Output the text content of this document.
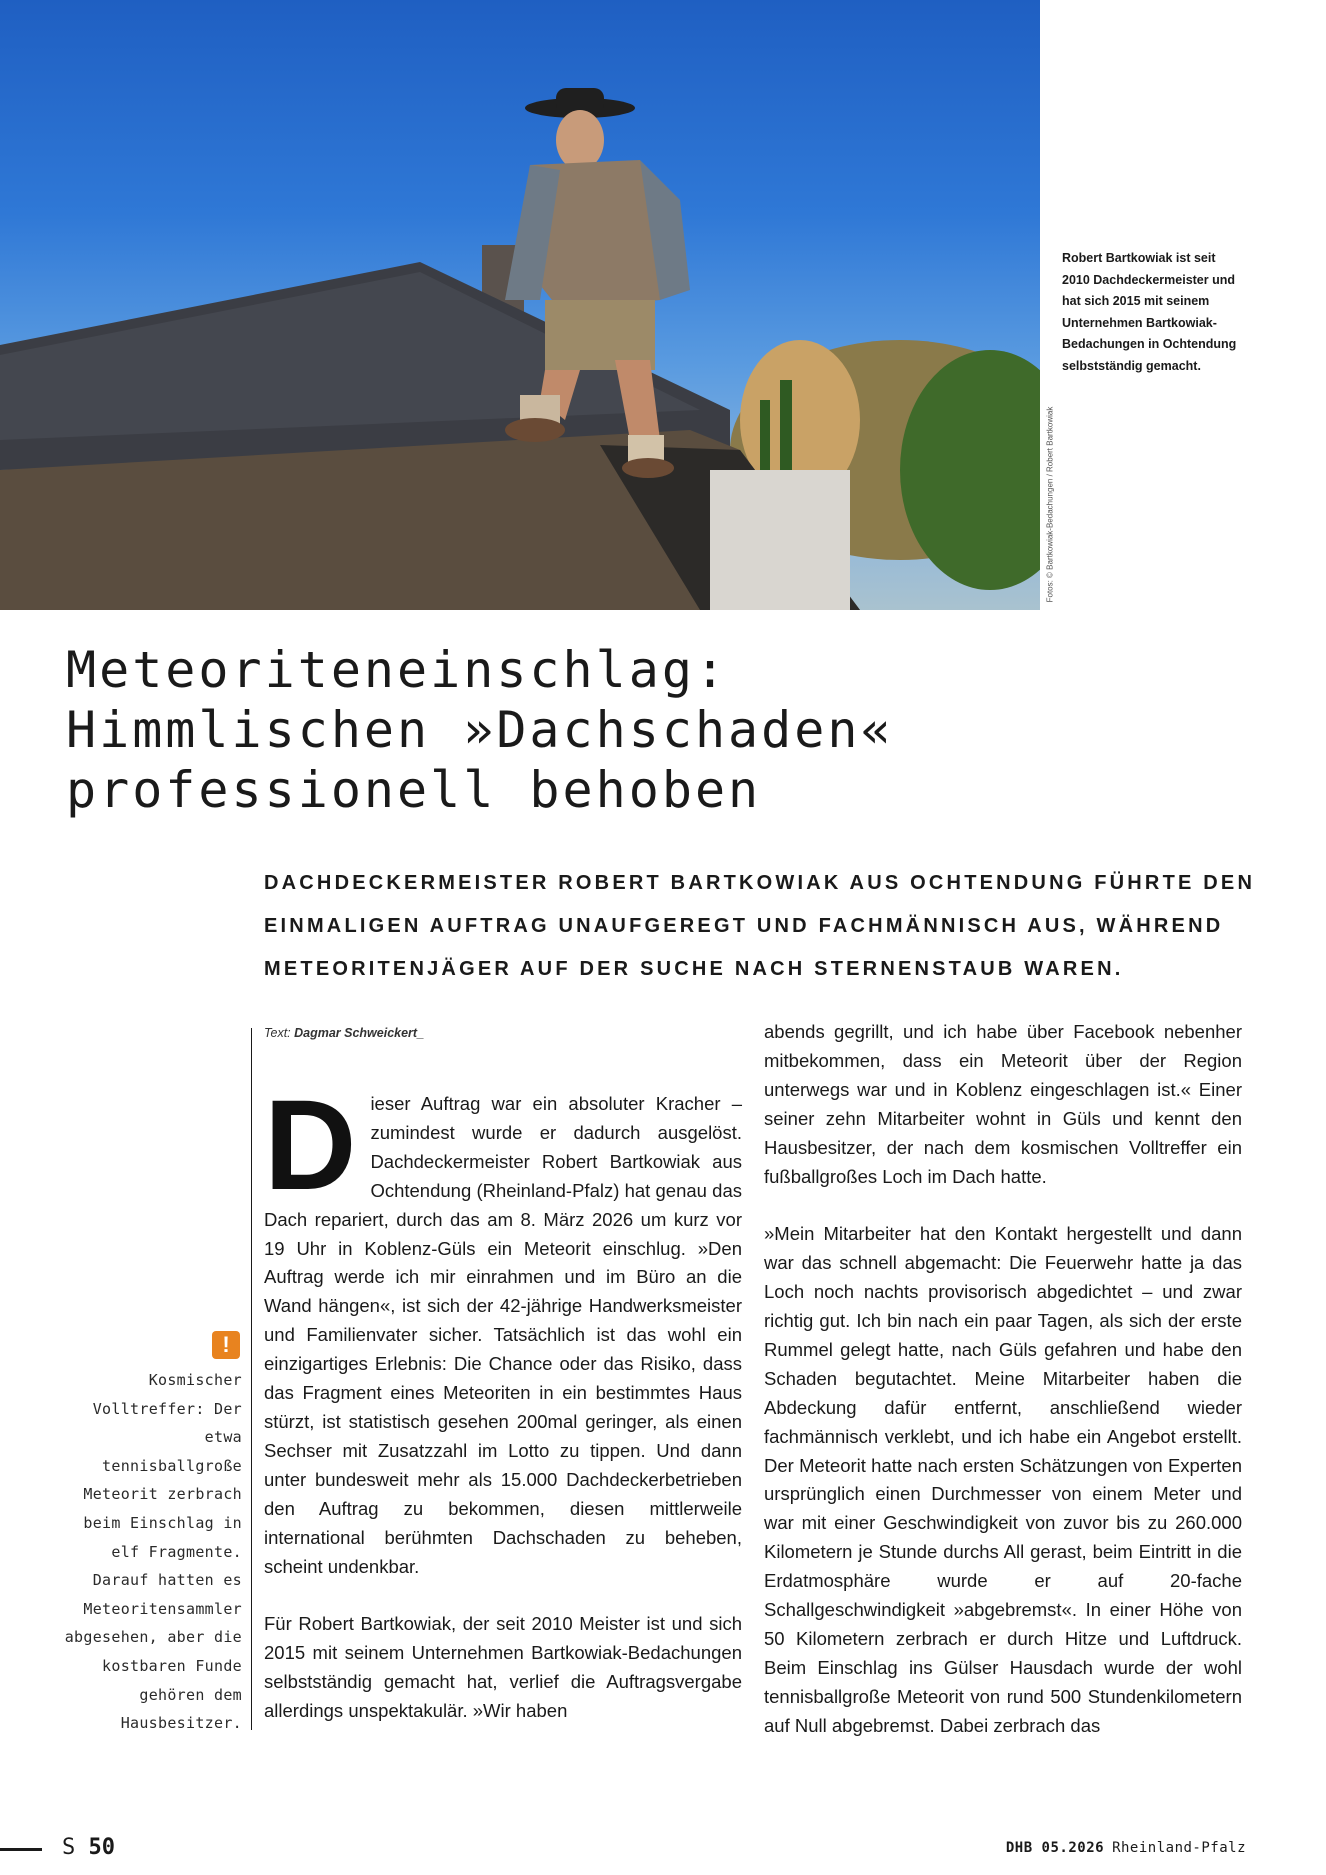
Fotos: © Bartkowiak-Bedachungen / Robert Bartkowiak
Robert Bartkowiak ist seit 2010 Dachdeckermeister und hat sich 2015 mit seinem Unternehmen Bartkowiak-Bedachungen in Ochtendung selbstständig gemacht.
Meteoriteneinschlag:
Himmlischen »Dachschaden«
professionell behoben

DACHDECKERMEISTER ROBERT BARTKOWIAK AUS OCHTENDUNG FÜHRTE DEN
EINMALIGEN AUFTRAG UNAUFGEREGT UND FACHMÄNNISCH AUS, WÄHREND
METEORITENJÄGER AUF DER SUCHE NACH STERNENSTAUB WAREN.

Text: Dagmar Schweickert_

Dieser Auftrag war ein absoluter Kracher – zumindest wurde er dadurch ausgelöst. Dachdeckermeister Robert Bartkowiak aus Ochtendung (Rheinland-Pfalz) hat genau das Dach repariert, durch das am 8. März 2026 um kurz vor 19 Uhr in Koblenz-Güls ein Meteorit einschlug. »Den Auftrag werde ich mir einrahmen und im Büro an die Wand hängen«, ist sich der 42-jährige Handwerksmeister und Familienvater sicher. Tatsächlich ist das wohl ein einzigartiges Erlebnis: Die Chance oder das Risiko, dass das Fragment eines Meteoriten in ein bestimmtes Haus stürzt, ist statistisch gesehen 200mal geringer, als einen Sechser mit Zusatzzahl im Lotto zu tippen. Und dann unter bundesweit mehr als 15.000 Dachdeckerbetrieben den Auftrag zu bekommen, diesen mittlerweile international berühmten Dachschaden zu beheben, scheint undenkbar.

Für Robert Bartkowiak, der seit 2010 Meister ist und sich 2015 mit seinem Unternehmen Bartkowiak-Bedachungen selbstständig gemacht hat, verlief die Auftragsvergabe allerdings unspektakulär. »Wir haben

abends gegrillt, und ich habe über Facebook nebenher mitbekommen, dass ein Meteorit über der Region unterwegs war und in Koblenz eingeschlagen ist.« Einer seiner zehn Mitarbeiter wohnt in Güls und kennt den Hausbesitzer, der nach dem kosmischen Volltreffer ein fußballgroßes Loch im Dach hatte.

»Mein Mitarbeiter hat den Kontakt hergestellt und dann war das schnell abgemacht: Die Feuerwehr hatte ja das Loch noch nachts provisorisch abgedichtet – und zwar richtig gut. Ich bin nach ein paar Tagen, als sich der erste Rummel gelegt hatte, nach Güls gefahren und habe den Schaden begutachtet. Meine Mitarbeiter haben die Abdeckung dafür entfernt, anschließend wieder fachmännisch verklebt, und ich habe ein Angebot erstellt. Der Meteorit hatte nach ersten Schätzungen von Experten ursprünglich einen Durchmesser von einem Meter und war mit einer Geschwindigkeit von zuvor bis zu 260.000 Kilometern je Stunde durchs All gerast, beim Eintritt in die Erdatmosphäre wurde er auf 20-fache Schallgeschwindigkeit »abgebremst«. In einer Höhe von 50 Kilometern zerbrach er durch Hitze und Luftdruck. Beim Einschlag ins Gülser Hausdach wurde der wohl tennisballgroße Meteorit von rund 500 Stundenkilometern auf Null abgebremst. Dabei zerbrach das

!
Kosmischer Volltreffer: Der etwa tennisballgroße Meteorit zerbrach beim Einschlag in elf Fragmente. Darauf hatten es Meteoritensammler abgesehen, aber die kostbaren Funde gehören dem Hausbesitzer.
S 50	DHB 05.2026 Rheinland-Pfalz
